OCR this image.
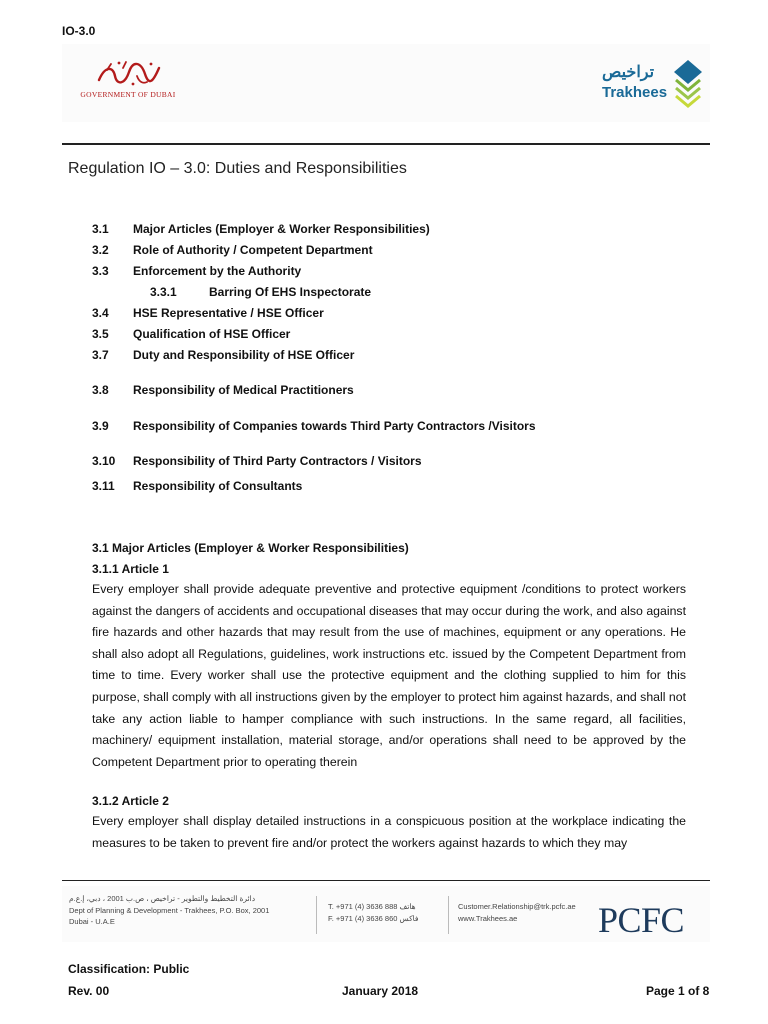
IO-3.0
GOVERNMENT OF DUBAI
تراخيص
Trakhees
Regulation IO – 3.0: Duties and Responsibilities
3.1 Major Articles (Employer & Worker Responsibilities)
3.2 Role of Authority / Competent Department
3.3 Enforcement by the Authority
3.3.1	Barring Of EHS Inspectorate
3.4 HSE Representative / HSE Officer
3.5 Qualification of HSE Officer
3.7 Duty and Responsibility of HSE Officer
3.8 Responsibility of Medical Practitioners
3.9 Responsibility of Companies towards Third Party Contractors /Visitors
3.10 Responsibility of Third Party Contractors / Visitors
3.11 Responsibility of Consultants
3.1 Major Articles (Employer & Worker Responsibilities)
3.1.1 Article 1
Every employer shall provide adequate preventive and protective equipment /conditions to protect workers against the dangers of accidents and occupational diseases that may occur during the work, and also against fire hazards and other hazards that may result from the use of machines, equipment or any operations. He shall also adopt all Regulations, guidelines, work instructions etc. issued by the Competent Department from time to time. Every worker shall use the protective equipment and the clothing supplied to him for this purpose, shall comply with all instructions given by the employer to protect him against hazards, and shall not take any action liable to hamper compliance with such instructions. In the same regard, all facilities, machinery/ equipment installation, material storage, and/or operations shall need to be approved by the Competent Department prior to operating therein
3.1.2 Article 2
Every employer shall display detailed instructions in a conspicuous position at the workplace indicating the measures to be taken to prevent fire and/or protect the workers against hazards to which they may
دائرة التخطيط والتطوير - تراخيص ، ص.ب 2001 ، دبي، إ.ع.م
Dept of Planning & Development - Trakhees, P.O. Box, 2001
Dubai - U.A.E
T. +971 (4) 3636 888 هاتف
F. +971 (4) 3636 860 فاكس
Customer.Relationship@trk.pcfc.ae
www.Trakhees.ae	PCFC
Classification: Public
Rev. 00	January 2018	Page 1 of 8
